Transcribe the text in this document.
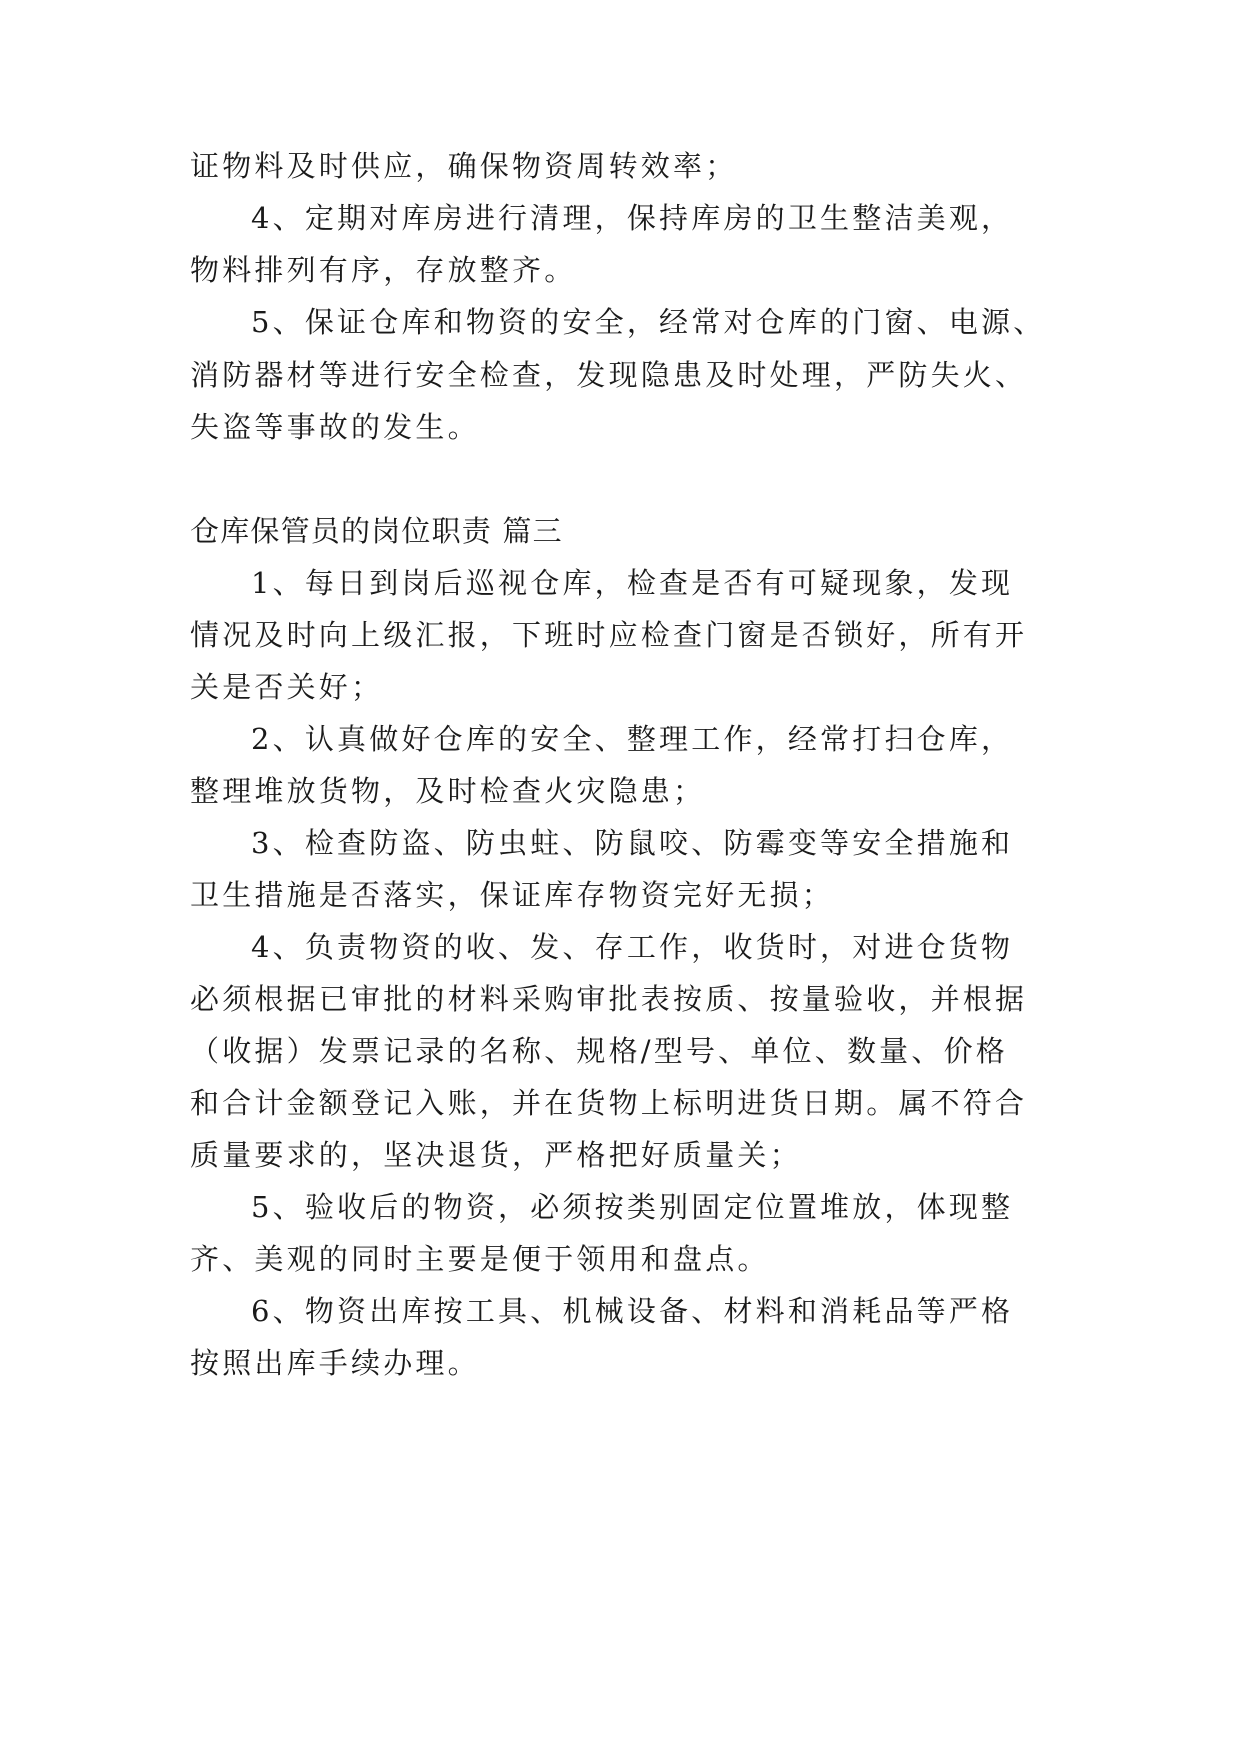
证物料及时供应，确保物资周转效率；
4、定期对库房进行清理，保持库房的卫生整洁美观，
物料排列有序，存放整齐。
5、保证仓库和物资的安全，经常对仓库的门窗、电源、
消防器材等进行安全检查，发现隐患及时处理，严防失火、
失盗等事故的发生。
仓库保管员的岗位职责 篇三
1、每日到岗后巡视仓库，检查是否有可疑现象，发现
情况及时向上级汇报，下班时应检查门窗是否锁好，所有开
关是否关好；
2、认真做好仓库的安全、整理工作，经常打扫仓库，
整理堆放货物，及时检查火灾隐患；
3、检查防盗、防虫蛀、防鼠咬、防霉变等安全措施和
卫生措施是否落实，保证库存物资完好无损；
4、负责物资的收、发、存工作，收货时，对进仓货物
必须根据已审批的材料采购审批表按质、按量验收，并根据
（收据）发票记录的名称、规格/型号、单位、数量、价格
和合计金额登记入账，并在货物上标明进货日期。属不符合
质量要求的，坚决退货，严格把好质量关；
5、验收后的物资，必须按类别固定位置堆放，体现整
齐、美观的同时主要是便于领用和盘点。
6、物资出库按工具、机械设备、材料和消耗品等严格
按照出库手续办理。
